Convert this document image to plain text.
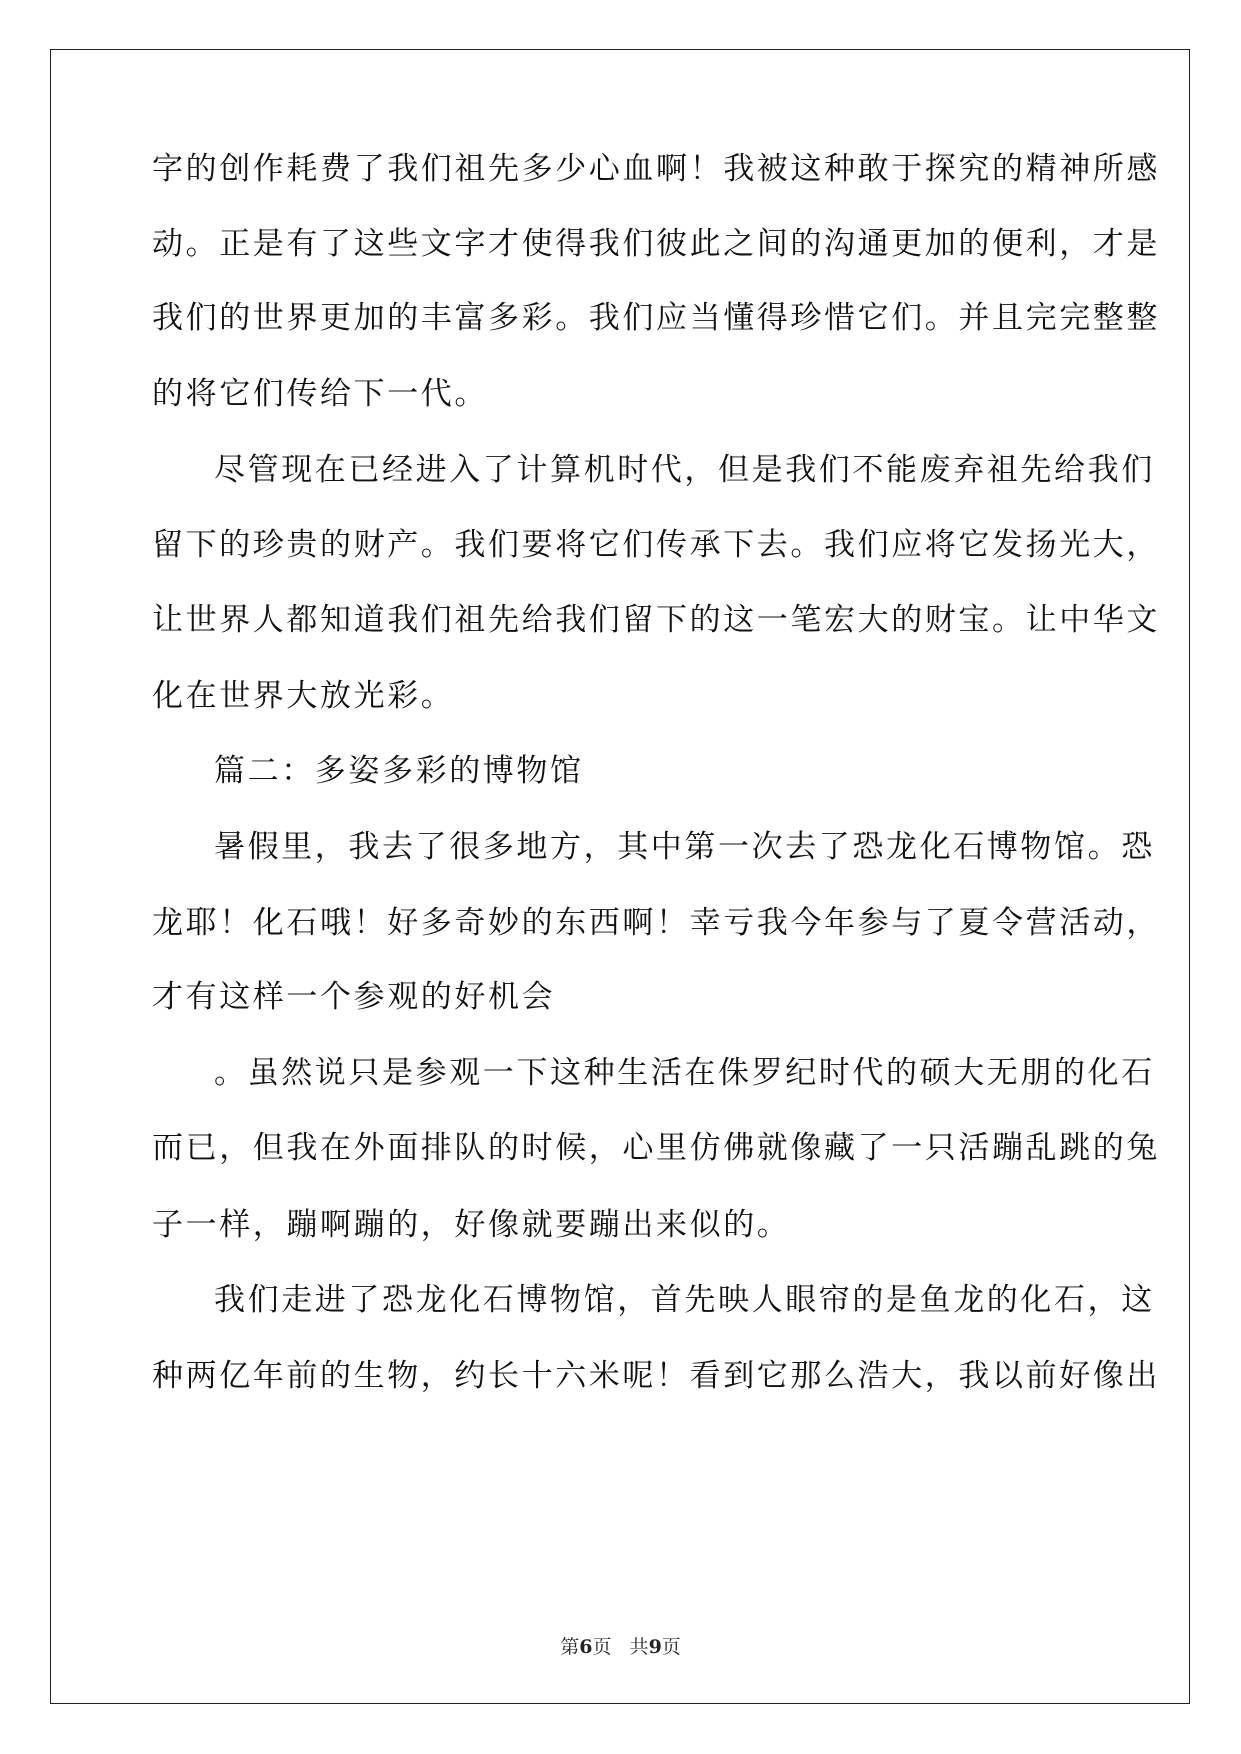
字的创作耗费了我们祖先多少心血啊！我被这种敢于探究的精神所感
动。正是有了这些文字才使得我们彼此之间的沟通更加的便利，才是
我们的世界更加的丰富多彩。我们应当懂得珍惜它们。并且完完整整
的将它们传给下一代。
尽管现在已经进入了计算机时代，但是我们不能废弃祖先给我们
留下的珍贵的财产。我们要将它们传承下去。我们应将它发扬光大，
让世界人都知道我们祖先给我们留下的这一笔宏大的财宝。让中华文
化在世界大放光彩。
篇二：多姿多彩的博物馆
暑假里，我去了很多地方，其中第一次去了恐龙化石博物馆。恐
龙耶！化石哦！好多奇妙的东西啊！幸亏我今年参与了夏令营活动，
才有这样一个参观的好机会
。虽然说只是参观一下这种生活在侏罗纪时代的硕大无朋的化石
而已，但我在外面排队的时候，心里仿佛就像藏了一只活蹦乱跳的兔
子一样，蹦啊蹦的，好像就要蹦出来似的。
我们走进了恐龙化石博物馆，首先映人眼帘的是鱼龙的化石，这
种两亿年前的生物，约长十六米呢！看到它那么浩大，我以前好像出
第6页   共9页
